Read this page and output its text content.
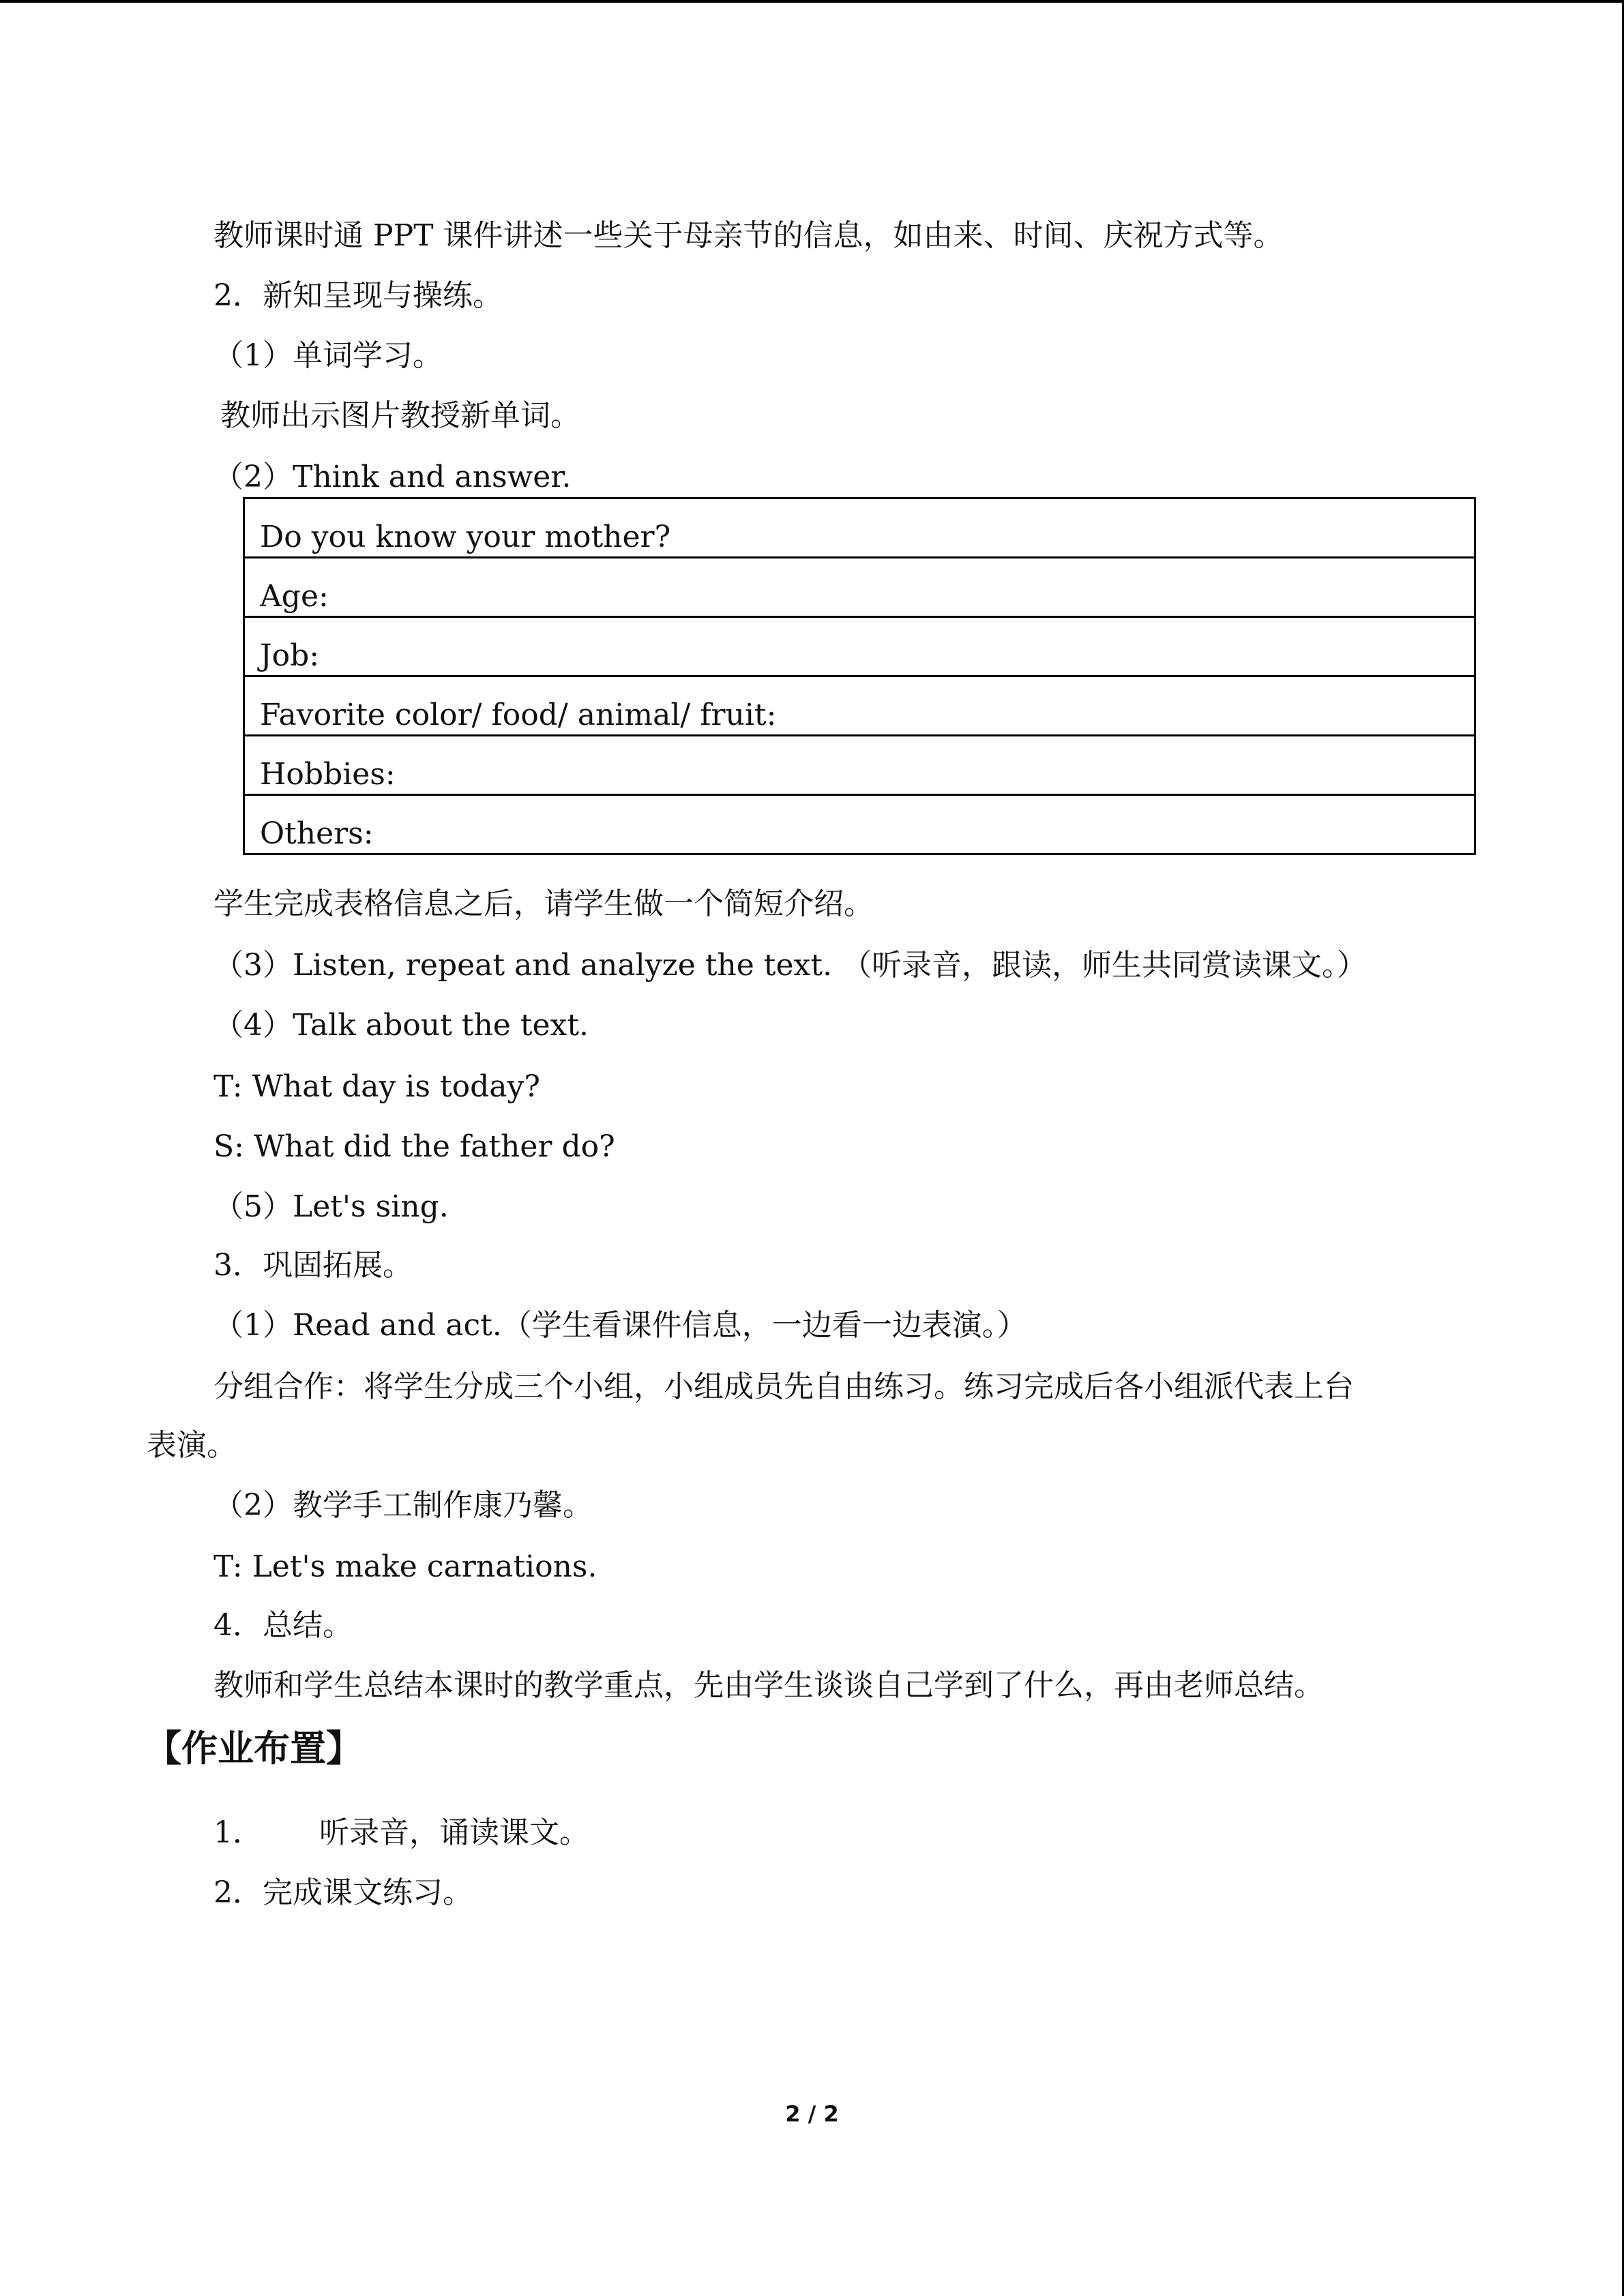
教师课时通 PPT 课件讲述一些关于母亲节的信息，如由来、时间、庆祝方式等。
2．新知呈现与操练。
（1）单词学习。
教师出示图片教授新单词。
（2）Think and answer.
Do you know your mother?
Age:
Job:
Favorite color/ food/ animal/ fruit:
Hobbies:
Others:
学生完成表格信息之后，请学生做一个简短介绍。
（3）Listen, repeat and analyze the text. （听录音，跟读，师生共同赏读课文。）
（4）Talk about the text.
T: What day is today?
S: What did the father do?
（5）Let's sing.
3．巩固拓展。
（1）Read and act.（学生看课件信息，一边看一边表演。）
分组合作：将学生分成三个小组，小组成员先自由练习。练习完成后各小组派代表上台
表演。
（2）教学手工制作康乃馨。
T: Let's make carnations.
4．总结。
教师和学生总结本课时的教学重点，先由学生谈谈自己学到了什么，再由老师总结。
【作业布置】
1． 听录音，诵读课文。
2．完成课文练习。
2 / 2
